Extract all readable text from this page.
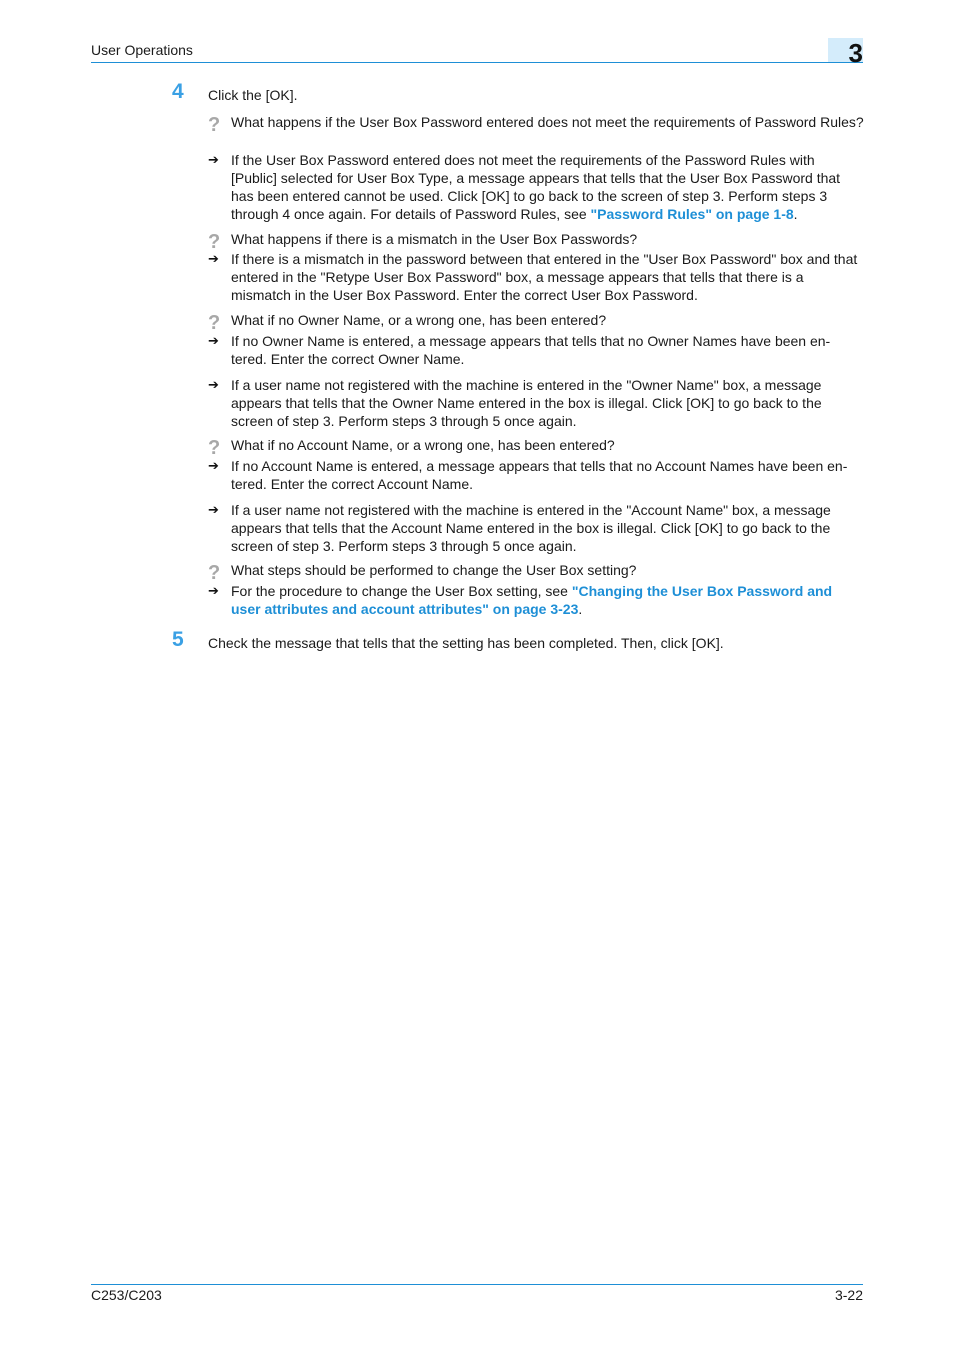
User Operations	3
4 Click the [OK].
? What happens if the User Box Password entered does not meet the requirements of Password Rules?
➔ If the User Box Password entered does not meet the requirements of the Password Rules with [Public] selected for User Box Type, a message appears that tells that the User Box Password that has been entered cannot be used. Click [OK] to go back to the screen of step 3. Perform steps 3 through 4 once again. For details of Password Rules, see "Password Rules" on page 1-8.
? What happens if there is a mismatch in the User Box Passwords?
➔ If there is a mismatch in the password between that entered in the "User Box Password" box and that entered in the "Retype User Box Password" box, a message appears that tells that there is a mismatch in the User Box Password. Enter the correct User Box Password.
? What if no Owner Name, or a wrong one, has been entered?
➔ If no Owner Name is entered, a message appears that tells that no Owner Names have been en-tered. Enter the correct Owner Name.
➔ If a user name not registered with the machine is entered in the "Owner Name" box, a message appears that tells that the Owner Name entered in the box is illegal. Click [OK] to go back to the screen of step 3. Perform steps 3 through 5 once again.
? What if no Account Name, or a wrong one, has been entered?
➔ If no Account Name is entered, a message appears that tells that no Account Names have been en-tered. Enter the correct Account Name.
➔ If a user name not registered with the machine is entered in the "Account Name" box, a message appears that tells that the Account Name entered in the box is illegal. Click [OK] to go back to the screen of step 3. Perform steps 3 through 5 once again.
? What steps should be performed to change the User Box setting?
➔ For the procedure to change the User Box setting, see "Changing the User Box Password and user attributes and account attributes" on page 3-23.
5 Check the message that tells that the setting has been completed. Then, click [OK].
C253/C203	3-22
